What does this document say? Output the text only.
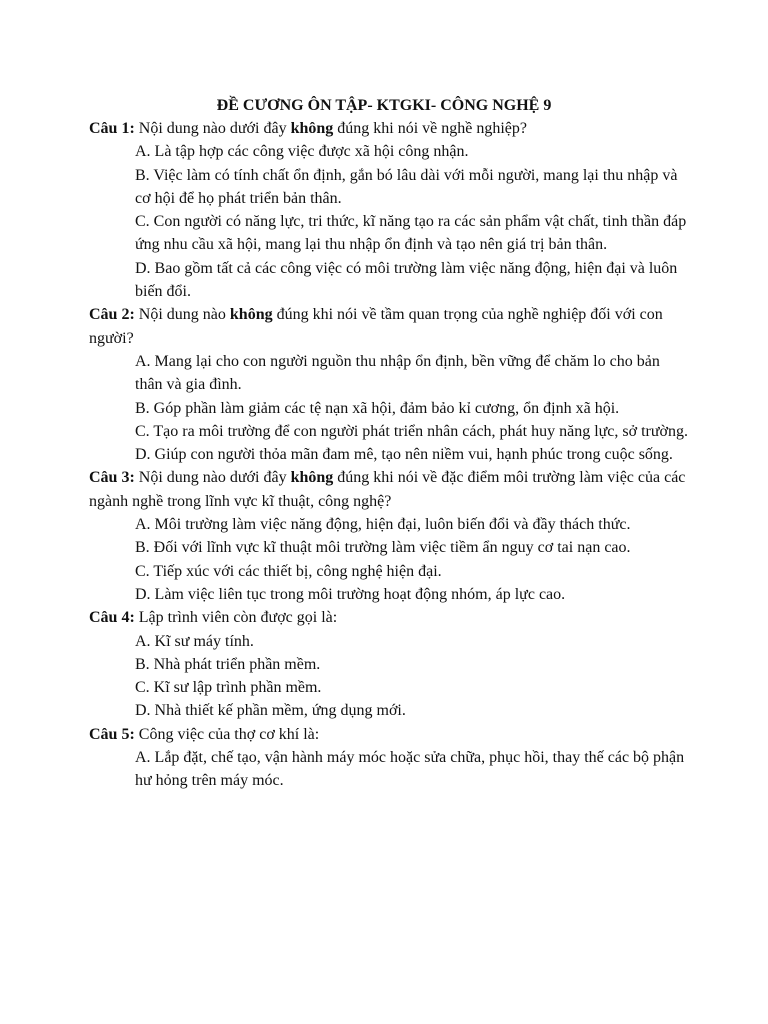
ĐỀ CƯƠNG ÔN TẬP- KTGKI- CÔNG NGHỆ 9

Câu 1: Nội dung nào dưới đây không đúng khi nói về nghề nghiệp?

A. Là tập hợp các công việc được xã hội công nhận.

B. Việc làm có tính chất ổn định, gắn bó lâu dài với mỗi người, mang lại thu nhập và cơ hội để họ phát triển bản thân.

C. Con người có năng lực, tri thức, kĩ năng tạo ra các sản phẩm vật chất, tinh thần đáp ứng nhu cầu xã hội, mang lại thu nhập ổn định và tạo nên giá trị bản thân.

D. Bao gồm tất cả các công việc có môi trường làm việc năng động, hiện đại và luôn biến đổi.

Câu 2: Nội dung nào không đúng khi nói về tầm quan trọng của nghề nghiệp đối với con người?

A. Mang lại cho con người nguồn thu nhập ổn định, bền vững để chăm lo cho bản thân và gia đình.

B. Góp phần làm giảm các tệ nạn xã hội, đảm bảo kỉ cương, ổn định xã hội.

C. Tạo ra môi trường để con người phát triển nhân cách, phát huy năng lực, sở trường.

D. Giúp con người thỏa mãn đam mê, tạo nên niềm vui, hạnh phúc trong cuộc sống.

Câu 3: Nội dung nào dưới đây không đúng khi nói về đặc điểm môi trường làm việc của các ngành nghề trong lĩnh vực kĩ thuật, công nghệ?

A. Môi trường làm việc năng động, hiện đại, luôn biến đổi và đầy thách thức.

B. Đối với lĩnh vực kĩ thuật môi trường làm việc tiềm ẩn nguy cơ tai nạn cao.

C. Tiếp xúc với các thiết bị, công nghệ hiện đại.

D. Làm việc liên tục trong môi trường hoạt động nhóm, áp lực cao.

Câu 4: Lập trình viên còn được gọi là:

A. Kĩ sư máy tính.

B. Nhà phát triển phần mềm.

C. Kĩ sư lập trình phần mềm.

D. Nhà thiết kế phần mềm, ứng dụng mới.

Câu 5: Công việc của thợ cơ khí là:

A. Lắp đặt, chế tạo, vận hành máy móc hoặc sửa chữa, phục hồi, thay thế các bộ phận hư hỏng trên máy móc.
